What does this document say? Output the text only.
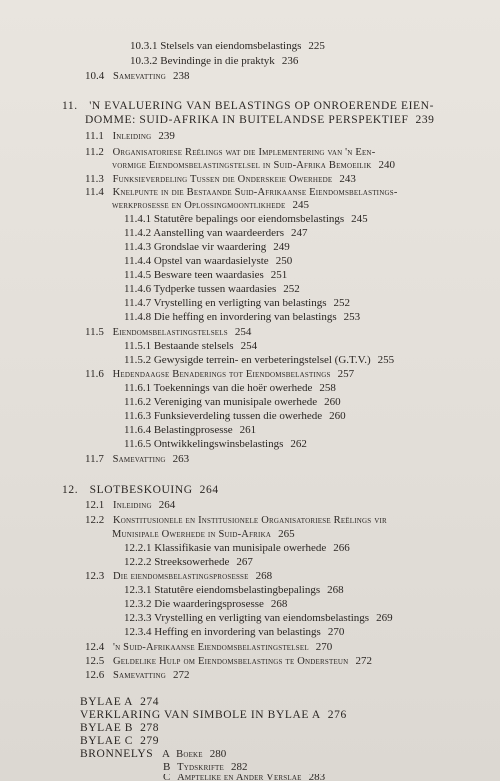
10.3.1 Stelsels van eiendomsbelastings 225
10.3.2 Bevindinge in die praktyk 236
10.4 Samevatting 238
11. 'N EVALUERING VAN BELASTINGS OP ONROERENDE EIEN-
DOMME: SUID-AFRIKA IN BUITELANDSE PERSPEKTIEF 239
11.1 Inleiding 239
11.2 Organisatoriese Reëlings wat die Implementering van 'n Een-
vormige Eiendomsbelastingstelsel in Suid-Afrika Bemoeilik 240
11.3 Funksieverdeling Tussen die Onderskeie Owerhede 243
11.4 Knelpunte in die Bestaande Suid-Afrikaanse Eiendomsbelastings-
werkprosesse en Oplossingmoontlikhede 245
11.4.1 Statutêre bepalings oor eiendomsbelastings 245
11.4.2 Aanstelling van waardeerders 247
11.4.3 Grondslae vir waardering 249
11.4.4 Opstel van waardasielyste 250
11.4.5 Besware teen waardasies 251
11.4.6 Tydperke tussen waardasies 252
11.4.7 Vrystelling en verligting van belastings 252
11.4.8 Die heffing en invordering van belastings 253
11.5 Eiendomsbelastingstelsels 254
11.5.1 Bestaande stelsels 254
11.5.2 Gewysigde terrein- en verbeteringstelsel (G.T.V.) 255
11.6 Hedendaagse Benaderings tot Eiendomsbelastings 257
11.6.1 Toekennings van die hoër owerhede 258
11.6.2 Vereniging van munisipale owerhede 260
11.6.3 Funksieverdeling tussen die owerhede 260
11.6.4 Belastingprosesse 261
11.6.5 Ontwikkelingswinsbelastings 262
11.7 Samevatting 263
12. SLOTBESKOUING 264
12.1 Inleiding 264
12.2 Konstitusionele en Institusionele Organisatoriese Reëlings vir
Munisipale Owerhede in Suid-Afrika 265
12.2.1 Klassifikasie van munisipale owerhede 266
12.2.2 Streeksowerhede 267
12.3 Die eiendomsbelastingsprosesse 268
12.3.1 Statutêre eiendomsbelastingbepalings 268
12.3.2 Die waarderingsprosesse 268
12.3.3 Vrystelling en verligting van eiendomsbelastings 269
12.3.4 Heffing en invordering van belastings 270
12.4 'n Suid-Afrikaanse Eiendomsbelastingstelsel 270
12.5 Geldelike Hulp om Eiendomsbelastings te Ondersteun 272
12.6 Samevatting 272
BYLAE A 274
VERKLARING VAN SIMBOLE IN BYLAE A 276
BYLAE B 278
BYLAE C 279
BRONNELYS A Boeke 280
B Tydskrifte 282
C Amptelike en Ander Verslae 283
